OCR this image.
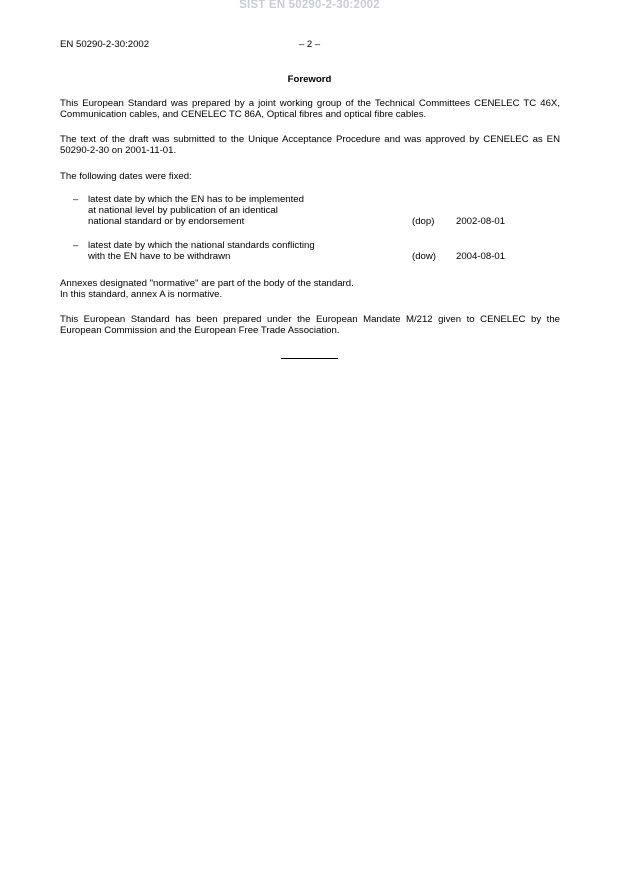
SIST EN 50290-2-30:2002
EN 50290-2-30:2002	– 2 –
Foreword

This European Standard was prepared by a joint working group of the Technical Committees CENELEC TC 46X, Communication cables, and CENELEC TC 86A, Optical fibres and optical fibre cables.

The text of the draft was submitted to the Unique Acceptance Procedure and was approved by CENELEC as EN 50290-2-30 on 2001-11-01.

The following dates were fixed:

– latest date by which the EN has to be implemented
at national level by publication of an identical
national standard or by endorsement	(dop) 2002-08-01
– latest date by which the national standards conflicting
with the EN have to be withdrawn	(dow) 2004-08-01
Annexes designated "normative" are part of the body of the standard.
In this standard, annex A is normative.

This European Standard has been prepared under the European Mandate M/212 given to CENELEC by the European Commission and the European Free Trade Association.
